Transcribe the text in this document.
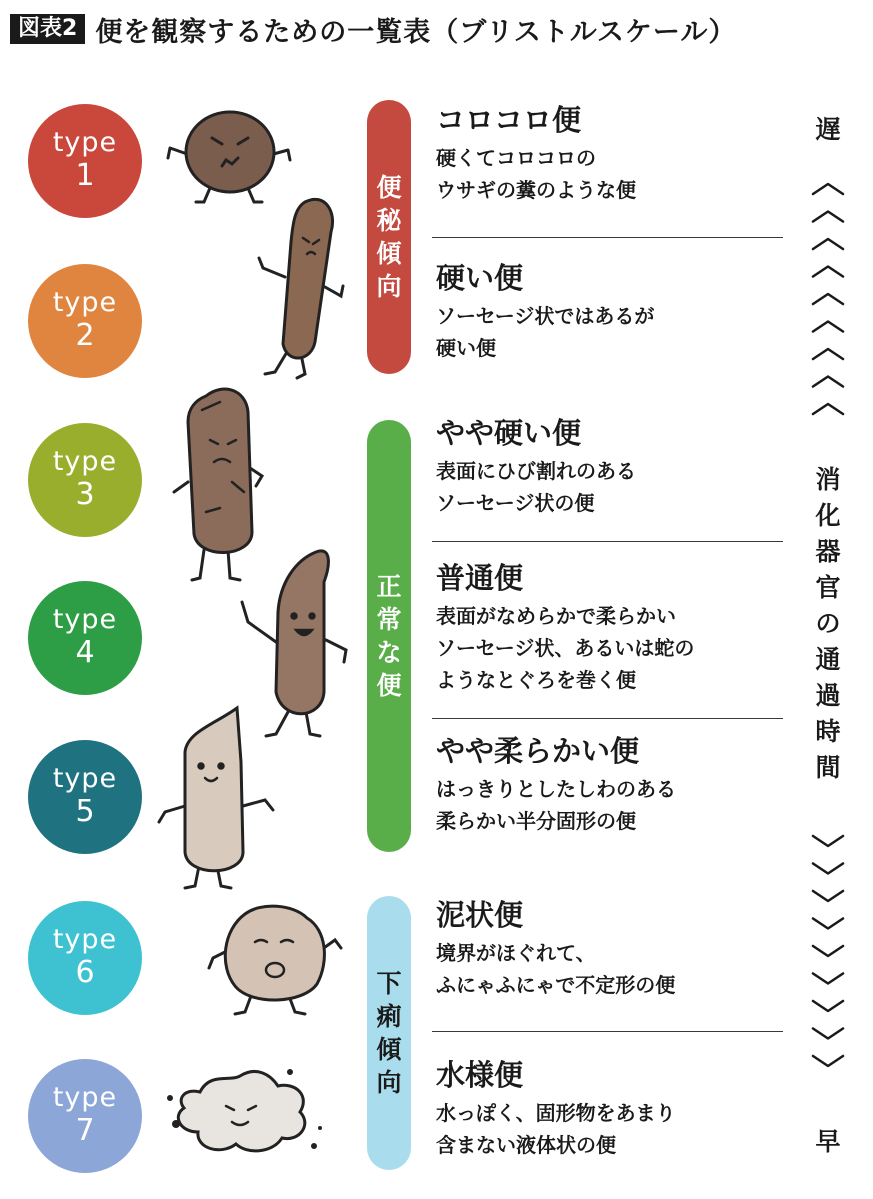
図表2 便を観察するための一覧表（ブリストルスケール）
type
1
type
2
type
3
type
4
type
5
type
6
type
7
便
秘
傾
向
正
常
な
便
下
痢
傾
向
コロコロ便
硬くてコロコロの
ウサギの糞のような便
硬い便
ソーセージ状ではあるが
硬い便
やや硬い便
表面にひび割れのある
ソーセージ状の便
普通便
表面がなめらかで柔らかい
ソーセージ状、あるいは蛇の
ようなとぐろを巻く便
やや柔らかい便
はっきりとしたしわのある
柔らかい半分固形の便
泥状便
境界がほぐれて、
ふにゃふにゃで不定形の便
水様便
水っぽく、固形物をあまり
含まない液体状の便
遅
消
化
器
官
の
通
過
時
間
早
